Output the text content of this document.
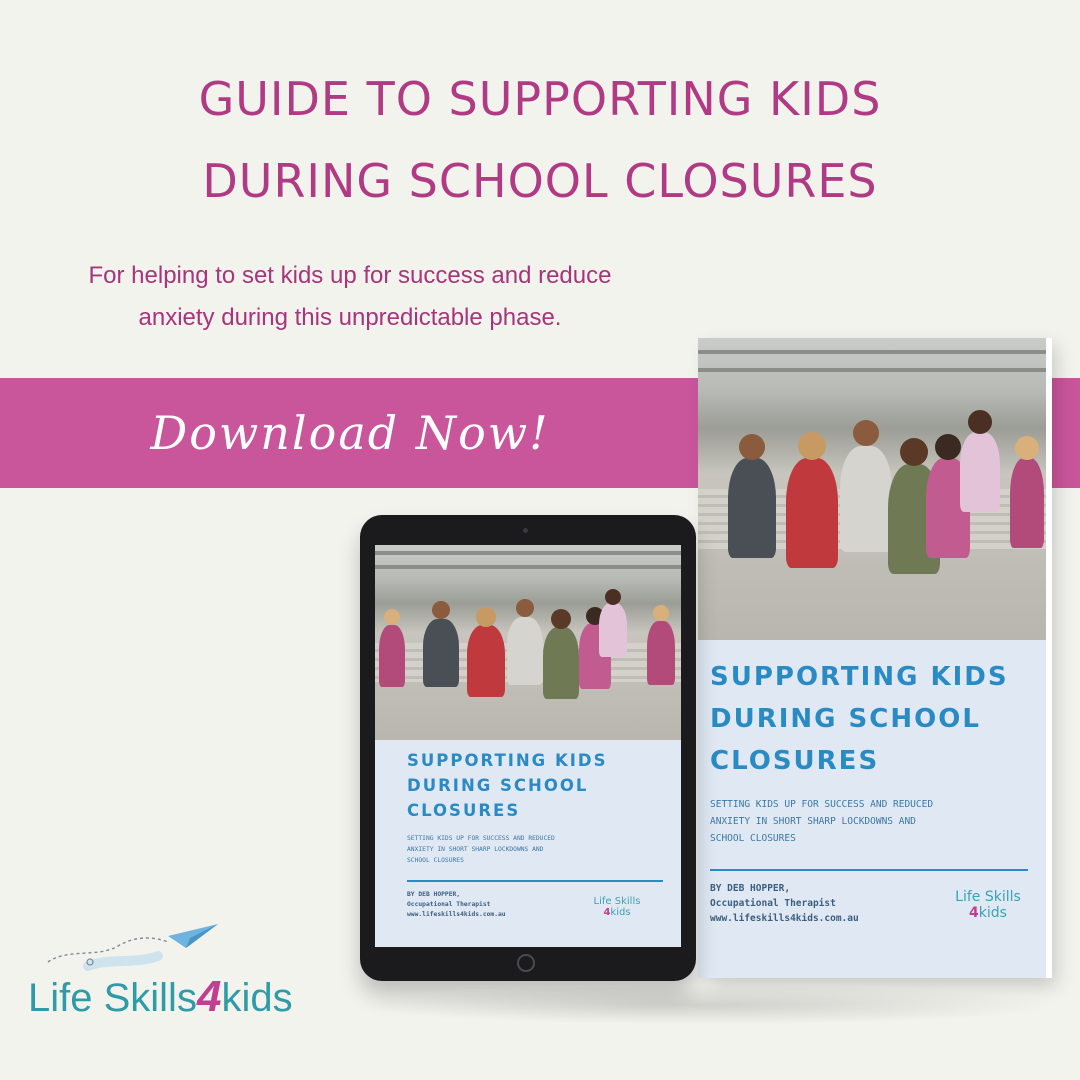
GUIDE TO SUPPORTING KIDS
DURING SCHOOL CLOSURES
For helping to set kids up for success and reduce
anxiety during this unpredictable phase.
Download Now!
SUPPORTING KIDS
DURING SCHOOL
CLOSURES
SETTING KIDS UP FOR SUCCESS AND REDUCED
ANXIETY IN SHORT SHARP LOCKDOWNS AND
SCHOOL CLOSURES
BY DEB HOPPER,
Occupational Therapist
www.lifeskills4kids.com.au
Life Skills
4kids
SUPPORTING KIDS
DURING SCHOOL
CLOSURES
SETTING KIDS UP FOR SUCCESS AND REDUCED
ANXIETY IN SHORT SHARP LOCKDOWNS AND
SCHOOL CLOSURES
BY DEB HOPPER,
Occupational Therapist
www.lifeskills4kids.com.au
Life Skills
4kids
Life Skills4kids
